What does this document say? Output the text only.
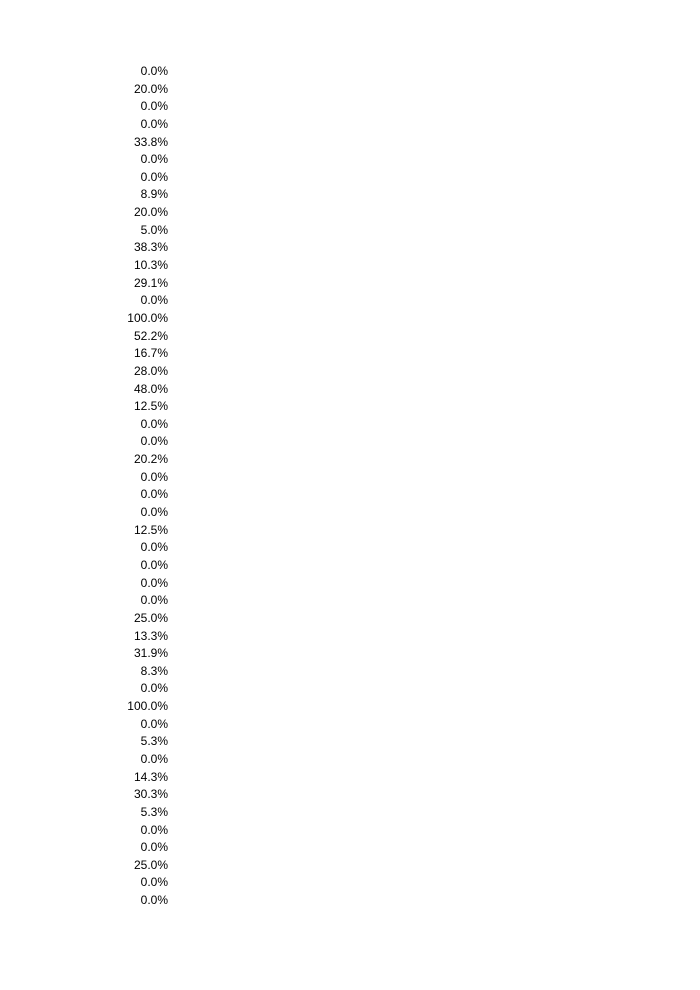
0.0%
20.0%
0.0%
0.0%
33.8%
0.0%
0.0%
8.9%
20.0%
5.0%
38.3%
10.3%
29.1%
0.0%
100.0%
52.2%
16.7%
28.0%
48.0%
12.5%
0.0%
0.0%
20.2%
0.0%
0.0%
0.0%
12.5%
0.0%
0.0%
0.0%
0.0%
25.0%
13.3%
31.9%
8.3%
0.0%
100.0%
0.0%
5.3%
0.0%
14.3%
30.3%
5.3%
0.0%
0.0%
25.0%
0.0%
0.0%
